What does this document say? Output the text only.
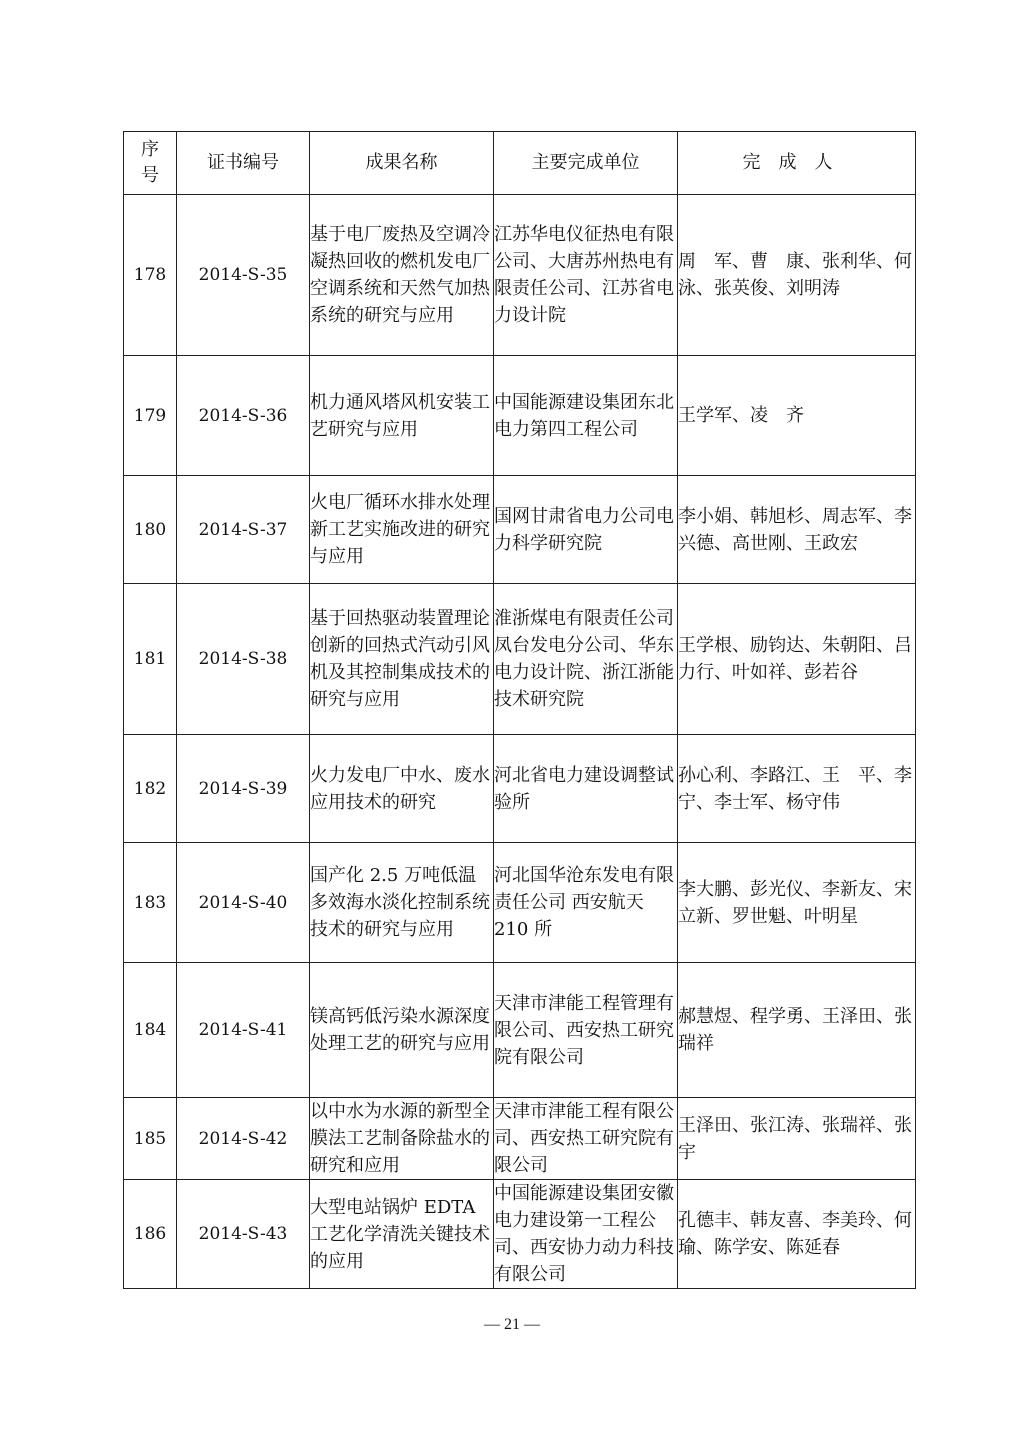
序
号	证书编号	成果名称	主要完成单位	完成人
178	2014-S-35	基于电厂废热及空调冷凝热回收的燃机发电厂空调系统和天然气加热系统的研究与应用	江苏华电仪征热电有限公司、大唐苏州热电有限责任公司、江苏省电力设计院	周　军、曹　康、张利华、何　泳、张英俊、刘明涛
179	2014-S-36	机力通风塔风机安装工艺研究与应用	中国能源建设集团东北电力第四工程公司	王学军、凌　齐
180	2014-S-37	火电厂循环水排水处理新工艺实施改进的研究与应用	国网甘肃省电力公司电力科学研究院	李小娟、韩旭杉、周志军、李兴德、高世刚、王政宏
181	2014-S-38	基于回热驱动装置理论创新的回热式汽动引风机及其控制集成技术的研究与应用	淮浙煤电有限责任公司凤台发电分公司、华东电力设计院、浙江浙能技术研究院	王学根、励钧达、朱朝阳、吕力行、叶如祥、彭若谷
182	2014-S-39	火力发电厂中水、废水应用技术的研究	河北省电力建设调整试验所	孙心利、李路江、王　平、李　宁、李士军、杨守伟
183	2014-S-40	国产化 2.5 万吨低温多效海水淡化控制系统技术的研究与应用	河北国华沧东发电有限责任公司 西安航天 210 所	李大鹏、彭光仪、李新友、宋立新、罗世魁、叶明星
184	2014-S-41	镁高钙低污染水源深度处理工艺的研究与应用	天津市津能工程管理有限公司、西安热工研究院有限公司	郝慧煜、程学勇、王泽田、张瑞祥
185	2014-S-42	以中水为水源的新型全膜法工艺制备除盐水的研究和应用	天津市津能工程有限公司、西安热工研究院有限公司	王泽田、张江涛、张瑞祥、张　宇
186	2014-S-43	大型电站锅炉 EDTA 工艺化学清洗关键技术的应用	中国能源建设集团安徽电力建设第一工程公司、西安协力动力科技有限公司	孔德丰、韩友喜、李美玲、何　瑜、陈学安、陈延春
— 21 —
